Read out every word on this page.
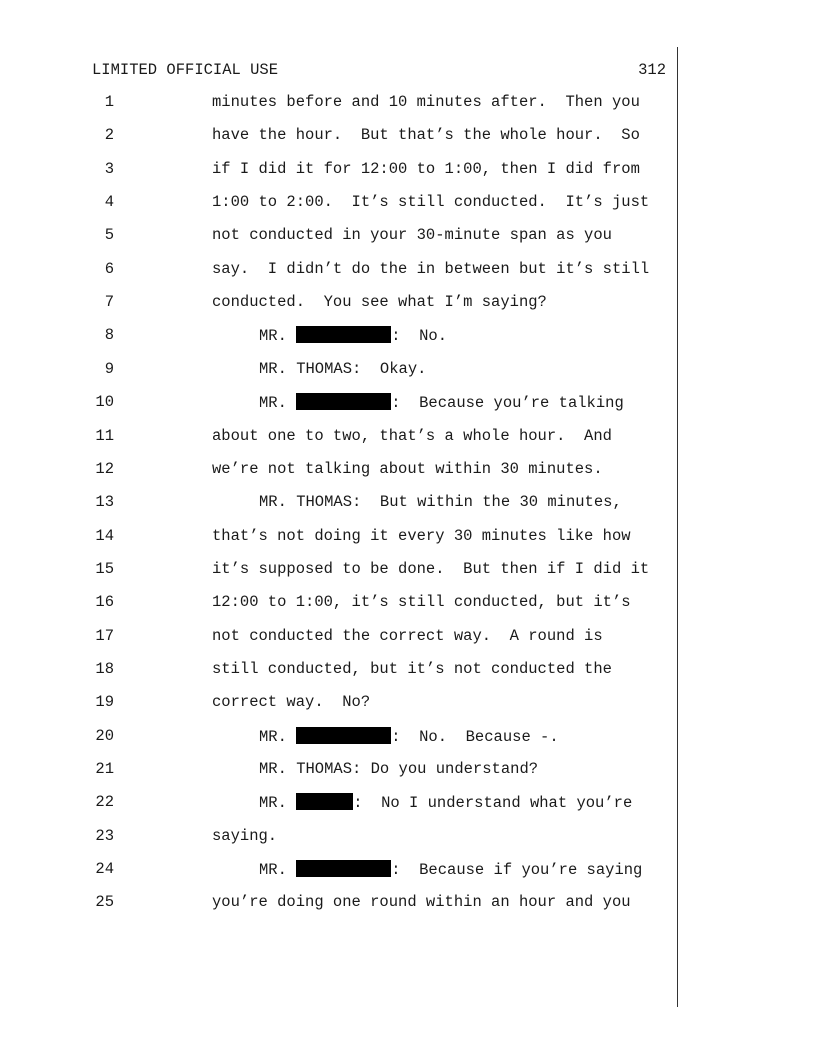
LIMITED OFFICIAL USE	312
1	minutes before and 10 minutes after.  Then you
2	have the hour.  But that’s the whole hour.  So
3	if I did it for 12:00 to 1:00, then I did from
4	1:00 to 2:00.  It’s still conducted.  It’s just
5	not conducted in your 30-minute span as you
6	say.  I didn’t do the in between but it’s still
7	conducted.  You see what I’m saying?
8	MR.	:  No.
9	MR. THOMAS:  Okay.
10	MR.	:  Because you’re talking
11	about one to two, that’s a whole hour.  And
12	we’re not talking about within 30 minutes.
13	MR. THOMAS:  But within the 30 minutes,
14	that’s not doing it every 30 minutes like how
15	it’s supposed to be done.  But then if I did it
16	12:00 to 1:00, it’s still conducted, but it’s
17	not conducted the correct way.  A round is
18	still conducted, but it’s not conducted the
19	correct way.  No?
20	MR.	:  No.  Because -.
21	MR. THOMAS: Do you understand?
22	MR.	:  No I understand what you’re
23	saying.
24	MR.	:  Because if you’re saying
25	you’re doing one round within an hour and you
